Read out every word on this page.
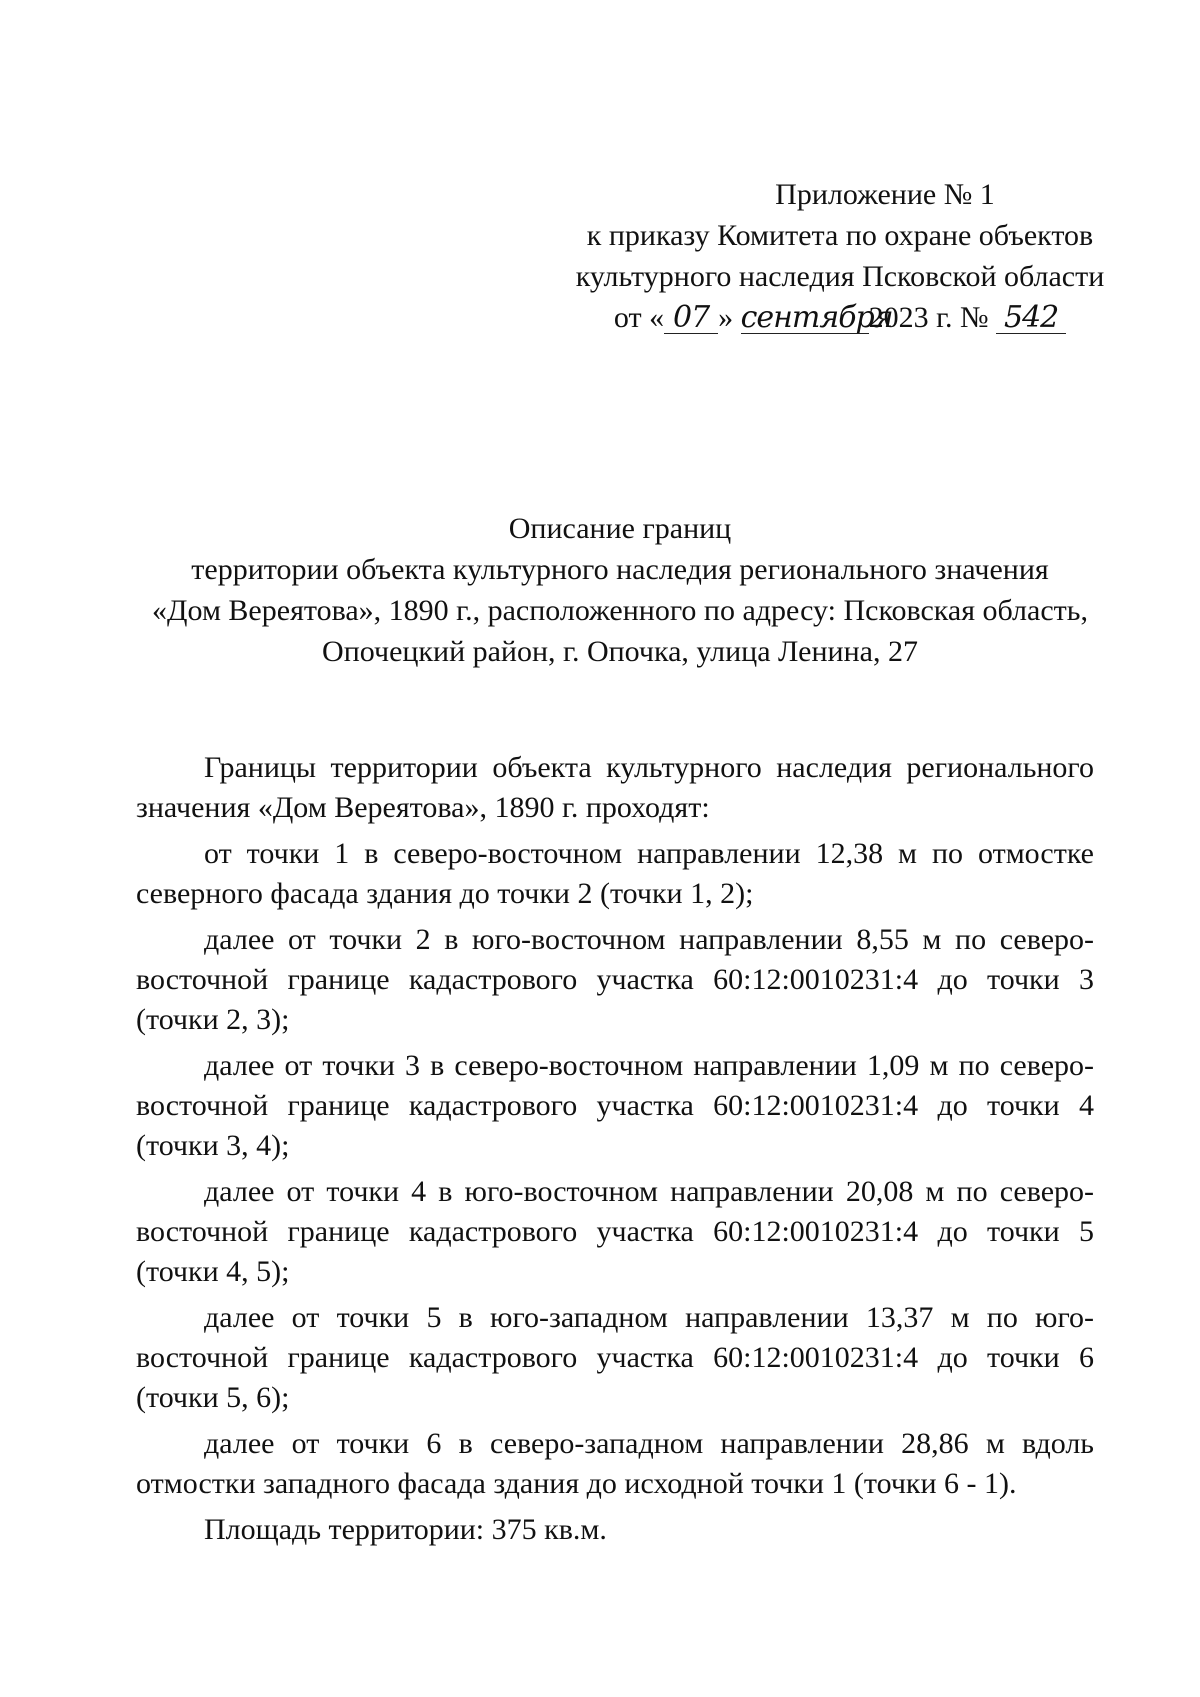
Приложение № 1
к приказу Комитета по охране объектов
культурного наследия Псковской области
от « 07 » сентября2023 г. № 542
Описание границ
территории объекта культурного наследия регионального значения
«Дом Вереятова», 1890 г., расположенного по адресу: Псковская область,
Опочецкий район, г. Опочка, улица Ленина, 27

Границы территории объекта культурного наследия регионального значения «Дом Вереятова», 1890 г. проходят:

от точки 1 в северо-восточном направлении 12,38 м по отмостке северного фасада здания до точки 2 (точки 1, 2);

далее от точки 2 в юго-восточном направлении 8,55 м по северо-восточной границе кадастрового участка 60:12:0010231:4 до точки 3 (точки 2, 3);

далее от точки 3 в северо-восточном направлении 1,09 м по северо-восточной границе кадастрового участка 60:12:0010231:4 до точки 4 (точки 3, 4);

далее от точки 4 в юго-восточном направлении 20,08 м по северо-восточной границе кадастрового участка 60:12:0010231:4 до точки 5 (точки 4, 5);

далее от точки 5 в юго-западном направлении 13,37 м по юго-восточной границе кадастрового участка 60:12:0010231:4 до точки 6 (точки 5, 6);

далее от точки 6 в северо-западном направлении 28,86 м вдоль отмостки западного фасада здания до исходной точки 1 (точки 6 - 1).

Площадь территории: 375 кв.м.
